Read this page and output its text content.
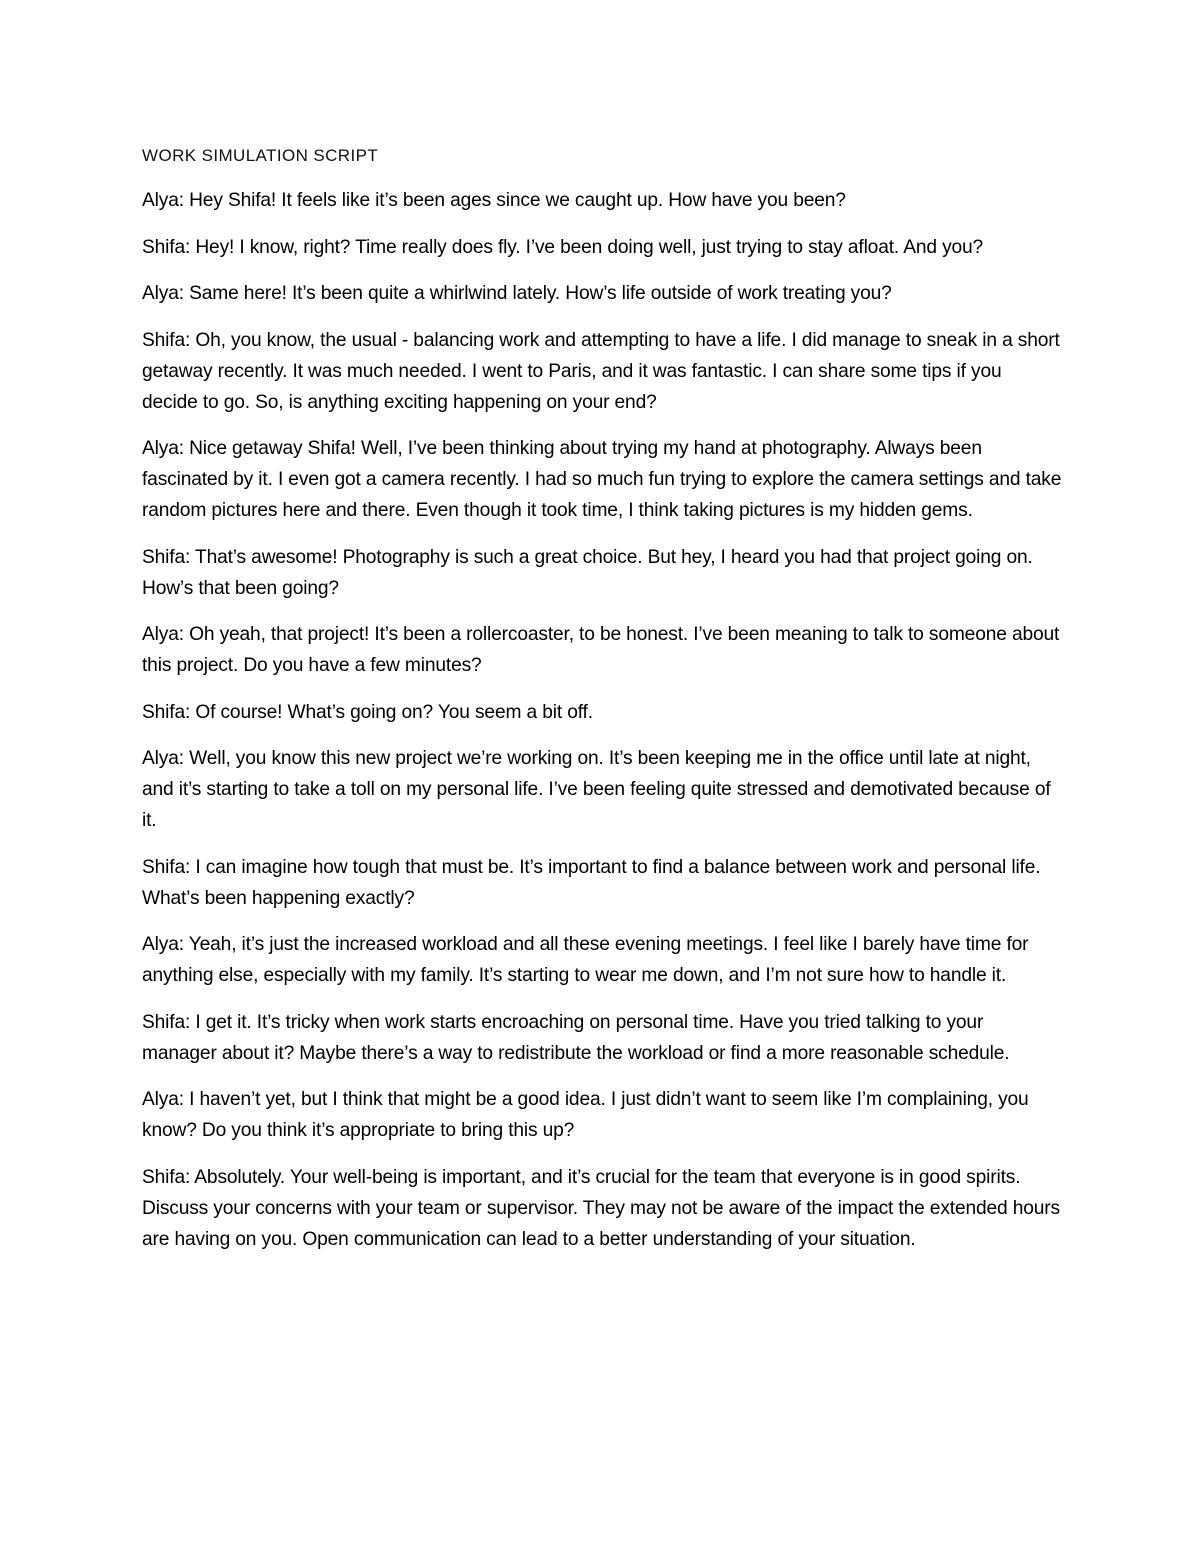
WORK SIMULATION SCRIPT

Alya: Hey Shifa! It feels like it’s been ages since we caught up. How have you been?

Shifa: Hey! I know, right? Time really does fly. I’ve been doing well, just trying to stay afloat. And you?

Alya: Same here! It’s been quite a whirlwind lately. How’s life outside of work treating you?

Shifa: Oh, you know, the usual - balancing work and attempting to have a life. I did manage to sneak in a short getaway recently. It was much needed. I went to Paris, and it was fantastic. I can share some tips if you decide to go. So, is anything exciting happening on your end?

Alya: Nice getaway Shifa! Well, I’ve been thinking about trying my hand at photography. Always been fascinated by it. I even got a camera recently. I had so much fun trying to explore the camera settings and take random pictures here and there. Even though it took time, I think taking pictures is my hidden gems.

Shifa: That’s awesome! Photography is such a great choice. But hey, I heard you had that project going on. How’s that been going?

Alya: Oh yeah, that project! It’s been a rollercoaster, to be honest. I’ve been meaning to talk to someone about this project. Do you have a few minutes?

Shifa: Of course! What’s going on? You seem a bit off.

Alya: Well, you know this new project we’re working on. It’s been keeping me in the office until late at night, and it’s starting to take a toll on my personal life. I’ve been feeling quite stressed and demotivated because of it.

Shifa: I can imagine how tough that must be. It’s important to find a balance between work and personal life. What’s been happening exactly?

Alya: Yeah, it’s just the increased workload and all these evening meetings. I feel like I barely have time for anything else, especially with my family. It’s starting to wear me down, and I’m not sure how to handle it.

Shifa: I get it. It’s tricky when work starts encroaching on personal time. Have you tried talking to your manager about it? Maybe there’s a way to redistribute the workload or find a more reasonable schedule.

Alya: I haven’t yet, but I think that might be a good idea. I just didn’t want to seem like I’m complaining, you know? Do you think it’s appropriate to bring this up?

Shifa: Absolutely. Your well-being is important, and it’s crucial for the team that everyone is in good spirits. Discuss your concerns with your team or supervisor. They may not be aware of the impact the extended hours are having on you. Open communication can lead to a better understanding of your situation.
